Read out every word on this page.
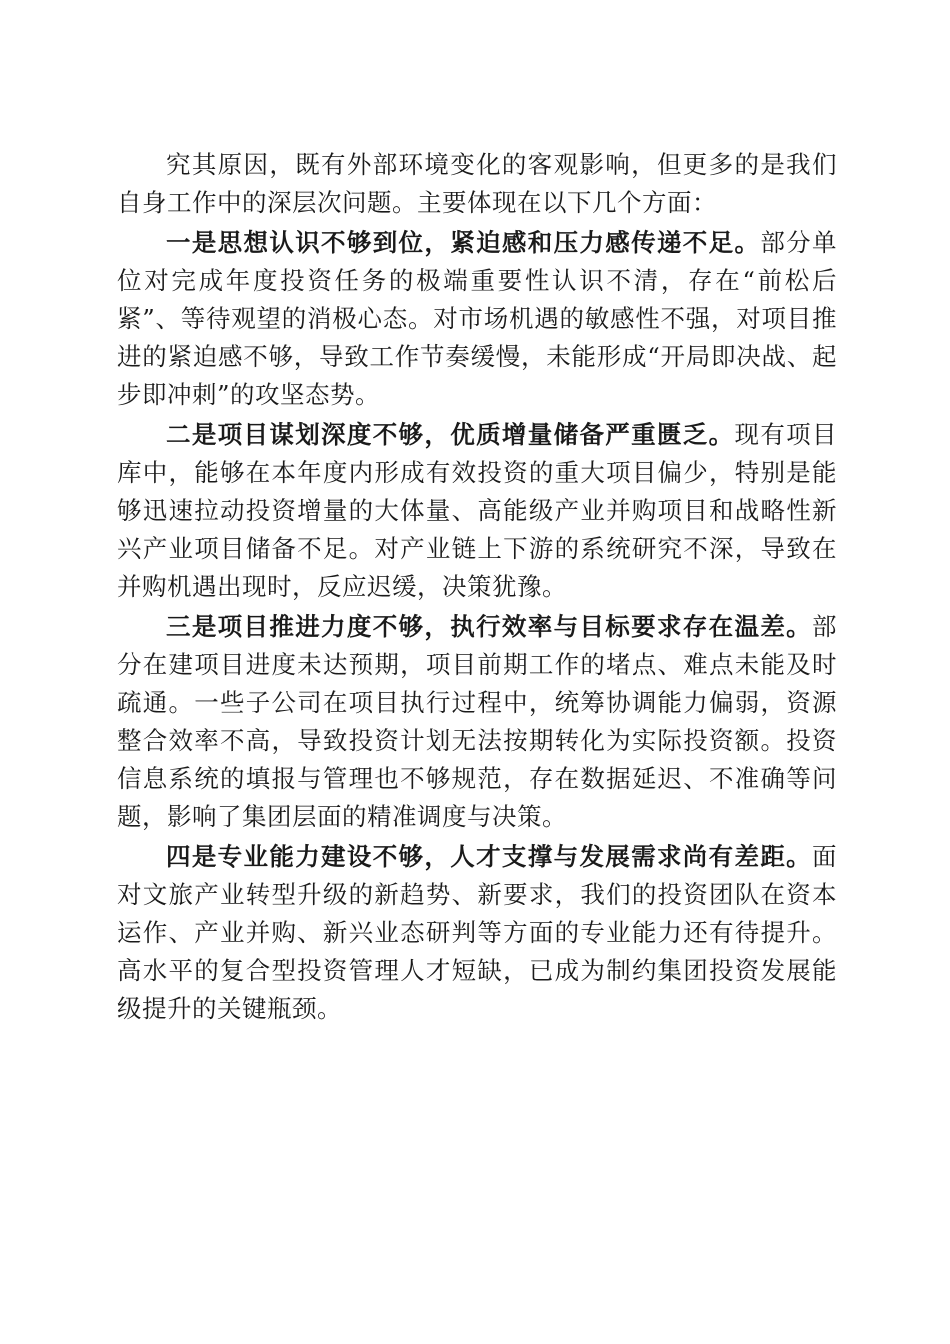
究其原因，既有外部环境变化的客观影响，但更多的是我们自身工作中的深层次问题。主要体现在以下几个方面：

一是思想认识不够到位，紧迫感和压力感传递不足。部分单位对完成年度投资任务的极端重要性认识不清，存在“前松后紧”、等待观望的消极心态。对市场机遇的敏感性不强，对项目推进的紧迫感不够，导致工作节奏缓慢，未能形成“开局即决战、起步即冲刺”的攻坚态势。

二是项目谋划深度不够，优质增量储备严重匮乏。现有项目库中，能够在本年度内形成有效投资的重大项目偏少，特别是能够迅速拉动投资增量的大体量、高能级产业并购项目和战略性新兴产业项目储备不足。对产业链上下游的系统研究不深，导致在并购机遇出现时，反应迟缓，决策犹豫。

三是项目推进力度不够，执行效率与目标要求存在温差。部分在建项目进度未达预期，项目前期工作的堵点、难点未能及时疏通。一些子公司在项目执行过程中，统筹协调能力偏弱，资源整合效率不高，导致投资计划无法按期转化为实际投资额。投资信息系统的填报与管理也不够规范，存在数据延迟、不准确等问题，影响了集团层面的精准调度与决策。

四是专业能力建设不够，人才支撑与发展需求尚有差距。面对文旅产业转型升级的新趋势、新要求，我们的投资团队在资本运作、产业并购、新兴业态研判等方面的专业能力还有待提升。高水平的复合型投资管理人才短缺，已成为制约集团投资发展能级提升的关键瓶颈。
